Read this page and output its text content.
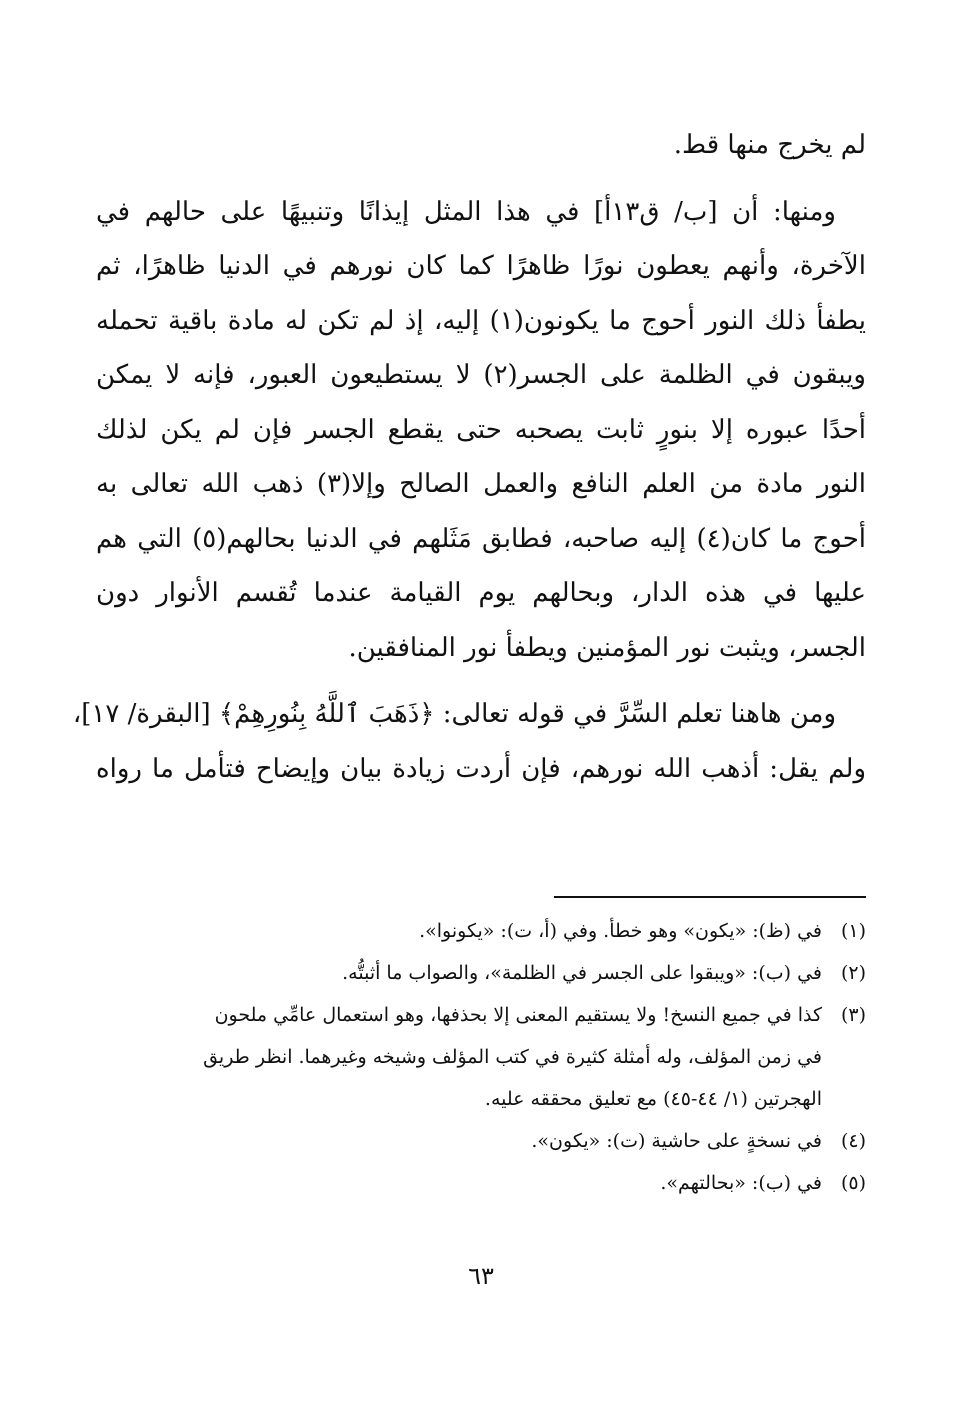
لم يخرج منها قط.
ومنها: أن [ب/ ق١٣أ] في هذا المثل إيذانًا وتنبيهًا على حالهم في
الآخرة، وأنهم يعطون نورًا ظاهرًا كما كان نورهم في الدنيا ظاهرًا، ثم
يطفأ ذلك النور أحوج ما يكونون(١) إليه، إذ لم تكن له مادة باقية تحمله
ويبقون في الظلمة على الجسر(٢) لا يستطيعون العبور، فإنه لا يمكن
أحدًا عبوره إلا بنورٍ ثابت يصحبه حتى يقطع الجسر فإن لم يكن لذلك
النور مادة من العلم النافع والعمل الصالح وإلا(٣) ذهب الله تعالى به
أحوج ما كان(٤) إليه صاحبه، فطابق مَثَلهم في الدنيا بحالهم(٥) التي هم
عليها في هذه الدار، وبحالهم يوم القيامة عندما تُقسم الأنوار دون
الجسر، ويثبت نور المؤمنين ويطفأ نور المنافقين.
ومن هاهنا تعلم السِّرَّ في قوله تعالى: ﴿ذَهَبَ ٱللَّهُ بِنُورِهِمْ﴾ [البقرة/ ١٧]،
ولم يقل: أذهب الله نورهم، فإن أردت زيادة بيان وإيضاح فتأمل ما رواه
(١)
في (ظ): «يكون» وهو خطأ. وفي (أ، ت): «يكونوا».
(٢)
في (ب): «ويبقوا على الجسر في الظلمة»، والصواب ما أثبتُّه.
(٣)
كذا في جميع النسخ! ولا يستقيم المعنى إلا بحذفها، وهو استعمال عامِّي ملحون
في زمن المؤلف، وله أمثلة كثيرة في كتب المؤلف وشيخه وغيرهما. انظر طريق
الهجرتين (١/ ٤٤-٤٥) مع تعليق محققه عليه.
(٤)
في نسخةٍ على حاشية (ت): «يكون».
(٥)
في (ب): «بحالتهم».
٦٣
